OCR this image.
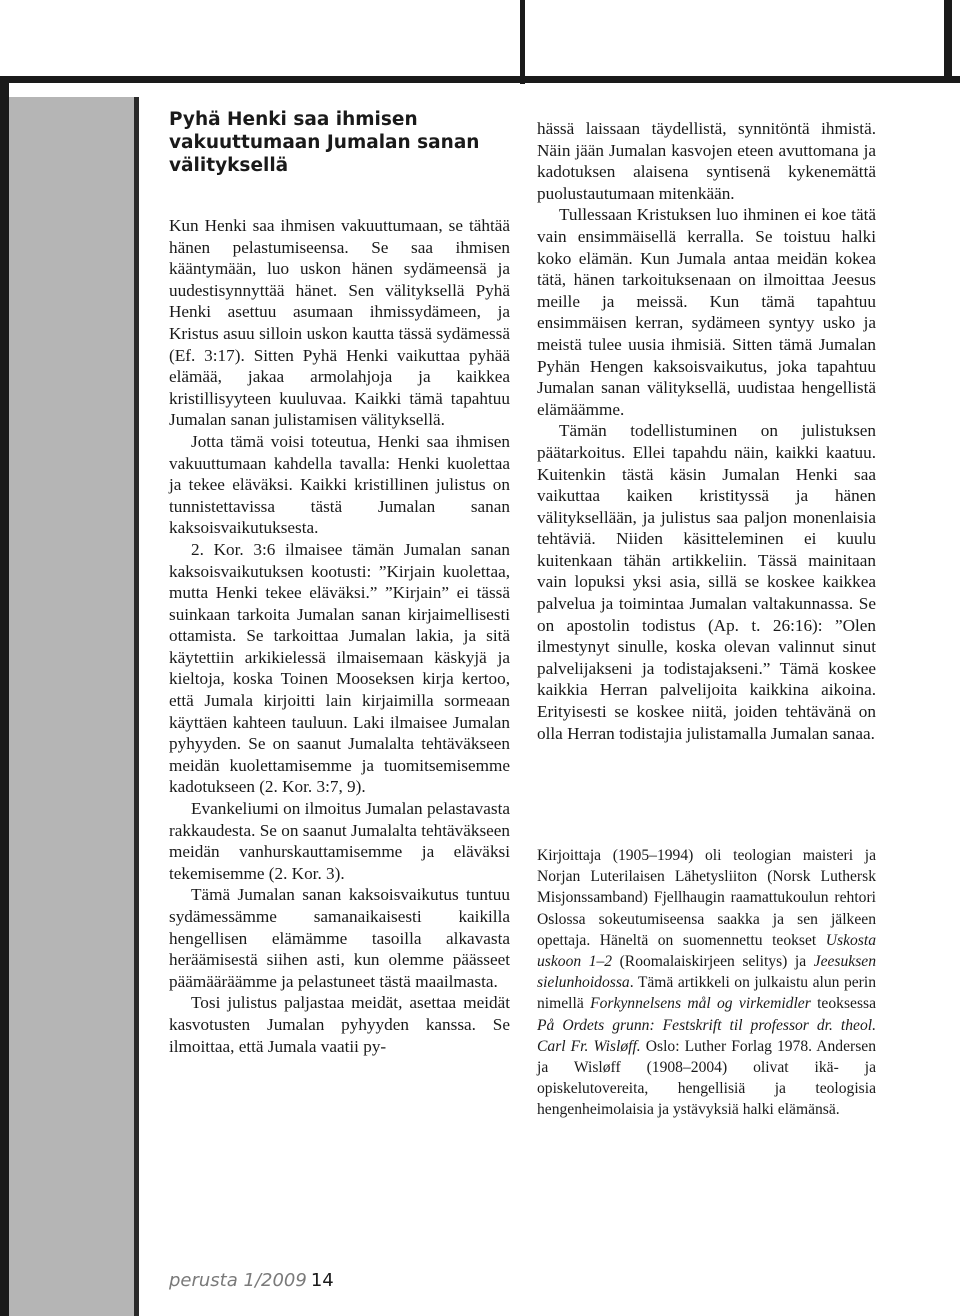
Pyhä Henki saa ihmisen vakuuttumaan Jumalan sanan välityksellä

Kun Henki saa ihmisen vakuuttumaan, se tähtää hänen pelastumiseensa. Se saa ihmisen kääntymään, luo uskon hänen sydämeensä ja uudestisynnyttää hänet. Sen välityksellä Pyhä Henki asettuu asumaan ihmissydämeen, ja Kristus asuu silloin uskon kautta tässä sydämessä (Ef. 3:17). Sitten Pyhä Henki vaikuttaa pyhää elämää, jakaa armolahjoja ja kaikkea kristillisyyteen kuuluvaa. Kaikki tämä tapahtuu Jumalan sanan julistamisen välityksellä.

Jotta tämä voisi toteutua, Henki saa ihmisen vakuuttumaan kahdella tavalla: Henki kuolettaa ja tekee eläväksi. Kaikki kristillinen julistus on tunnistettavissa tästä Jumalan sanan kaksoisvaikutuksesta.

2. Kor. 3:6 ilmaisee tämän Jumalan sanan kaksoisvaikutuksen kootusti: ”Kirjain kuolettaa, mutta Henki tekee eläväksi.” ”Kirjain” ei tässä suinkaan tarkoita Jumalan sanan kirjaimellisesti ottamista. Se tarkoittaa Jumalan lakia, ja sitä käytettiin arkikielessä ilmaisemaan käskyjä ja kieltoja, koska Toinen Mooseksen kirja kertoo, että Jumala kirjoitti lain kirjaimilla sormeaan käyttäen kahteen tauluun. Laki ilmaisee Jumalan pyhyyden. Se on saanut Jumalalta tehtäväkseen meidän kuolettamisemme ja tuomitsemisemme kadotukseen (2. Kor. 3:7, 9).

Evankeliumi on ilmoitus Jumalan pelastavasta rakkaudesta. Se on saanut Jumalalta tehtäväkseen meidän vanhurskauttamisemme ja eläväksi tekemisemme (2. Kor. 3).

Tämä Jumalan sanan kaksoisvaikutus tuntuu sydämessämme samanaikaisesti kaikilla hengellisen elämämme tasoilla alkavasta heräämisestä siihen asti, kun olemme päässeet päämääräämme ja pelastuneet tästä maailmasta.

Tosi julistus paljastaa meidät, asettaa meidät kasvotusten Jumalan pyhyyden kanssa. Se ilmoittaa, että Jumala vaatii py-

hässä laissaan täydellistä, synnitöntä ihmistä. Näin jään Jumalan kasvojen eteen avuttomana ja kadotuksen alaisena syntisenä kykenemättä puolustautumaan mitenkään.

Tullessaan Kristuksen luo ihminen ei koe tätä vain ensimmäisellä kerralla. Se toistuu halki koko elämän. Kun Jumala antaa meidän kokea tätä, hänen tarkoituksenaan on ilmoittaa Jeesus meille ja meissä. Kun tämä tapahtuu ensimmäisen kerran, sydämeen syntyy usko ja meistä tulee uusia ihmisiä. Sitten tämä Jumalan Pyhän Hengen kaksoisvaikutus, joka tapahtuu Jumalan sanan välityksellä, uudistaa hengellistä elämäämme.

Tämän todellistuminen on julistuksen päätarkoitus. Ellei tapahdu näin, kaikki kaatuu. Kuitenkin tästä käsin Jumalan Henki saa vaikuttaa kaiken kristityssä ja hänen välityksellään, ja julistus saa paljon monenlaisia tehtäviä. Niiden käsitteleminen ei kuulu kuitenkaan tähän artikkeliin. Tässä mainitaan vain lopuksi yksi asia, sillä se koskee kaikkea palvelua ja toimintaa Jumalan valtakunnassa. Se on apostolin todistus (Ap. t. 26:16): ”Olen ilmestynyt sinulle, koska olevan valinnut sinut palvelijakseni ja todistajakseni.” Tämä koskee kaikkia Herran palvelijoita kaikkina aikoina. Erityisesti se koskee niitä, joiden tehtävänä on olla Herran todistajia julistamalla Jumalan sanaa.

Kirjoittaja (1905–1994) oli teologian maisteri ja Norjan Luterilaisen Lähetysliiton (Norsk Luthersk Misjonssamband) Fjellhaugin raamattukoulun rehtori Oslossa sokeutumiseensa saakka ja sen jälkeen opettaja. Häneltä on suomennettu teokset Uskosta uskoon 1–2 (Roomalaiskirjeen selitys) ja Jeesuksen sielunhoidossa. Tämä artikkeli on julkaistu alun perin nimellä Forkynnelsens mål og virkemidler teoksessa På Ordets grunn: Festskrift til professor dr. theol. Carl Fr. Wisløff. Oslo: Luther Forlag 1978. Andersen ja Wisløff (1908–2004) olivat ikä- ja opiskelutovereita, hengellisiä ja teologisia hengenheimolaisia ja ystävyksiä halki elämänsä.

perusta 1/2009 14
